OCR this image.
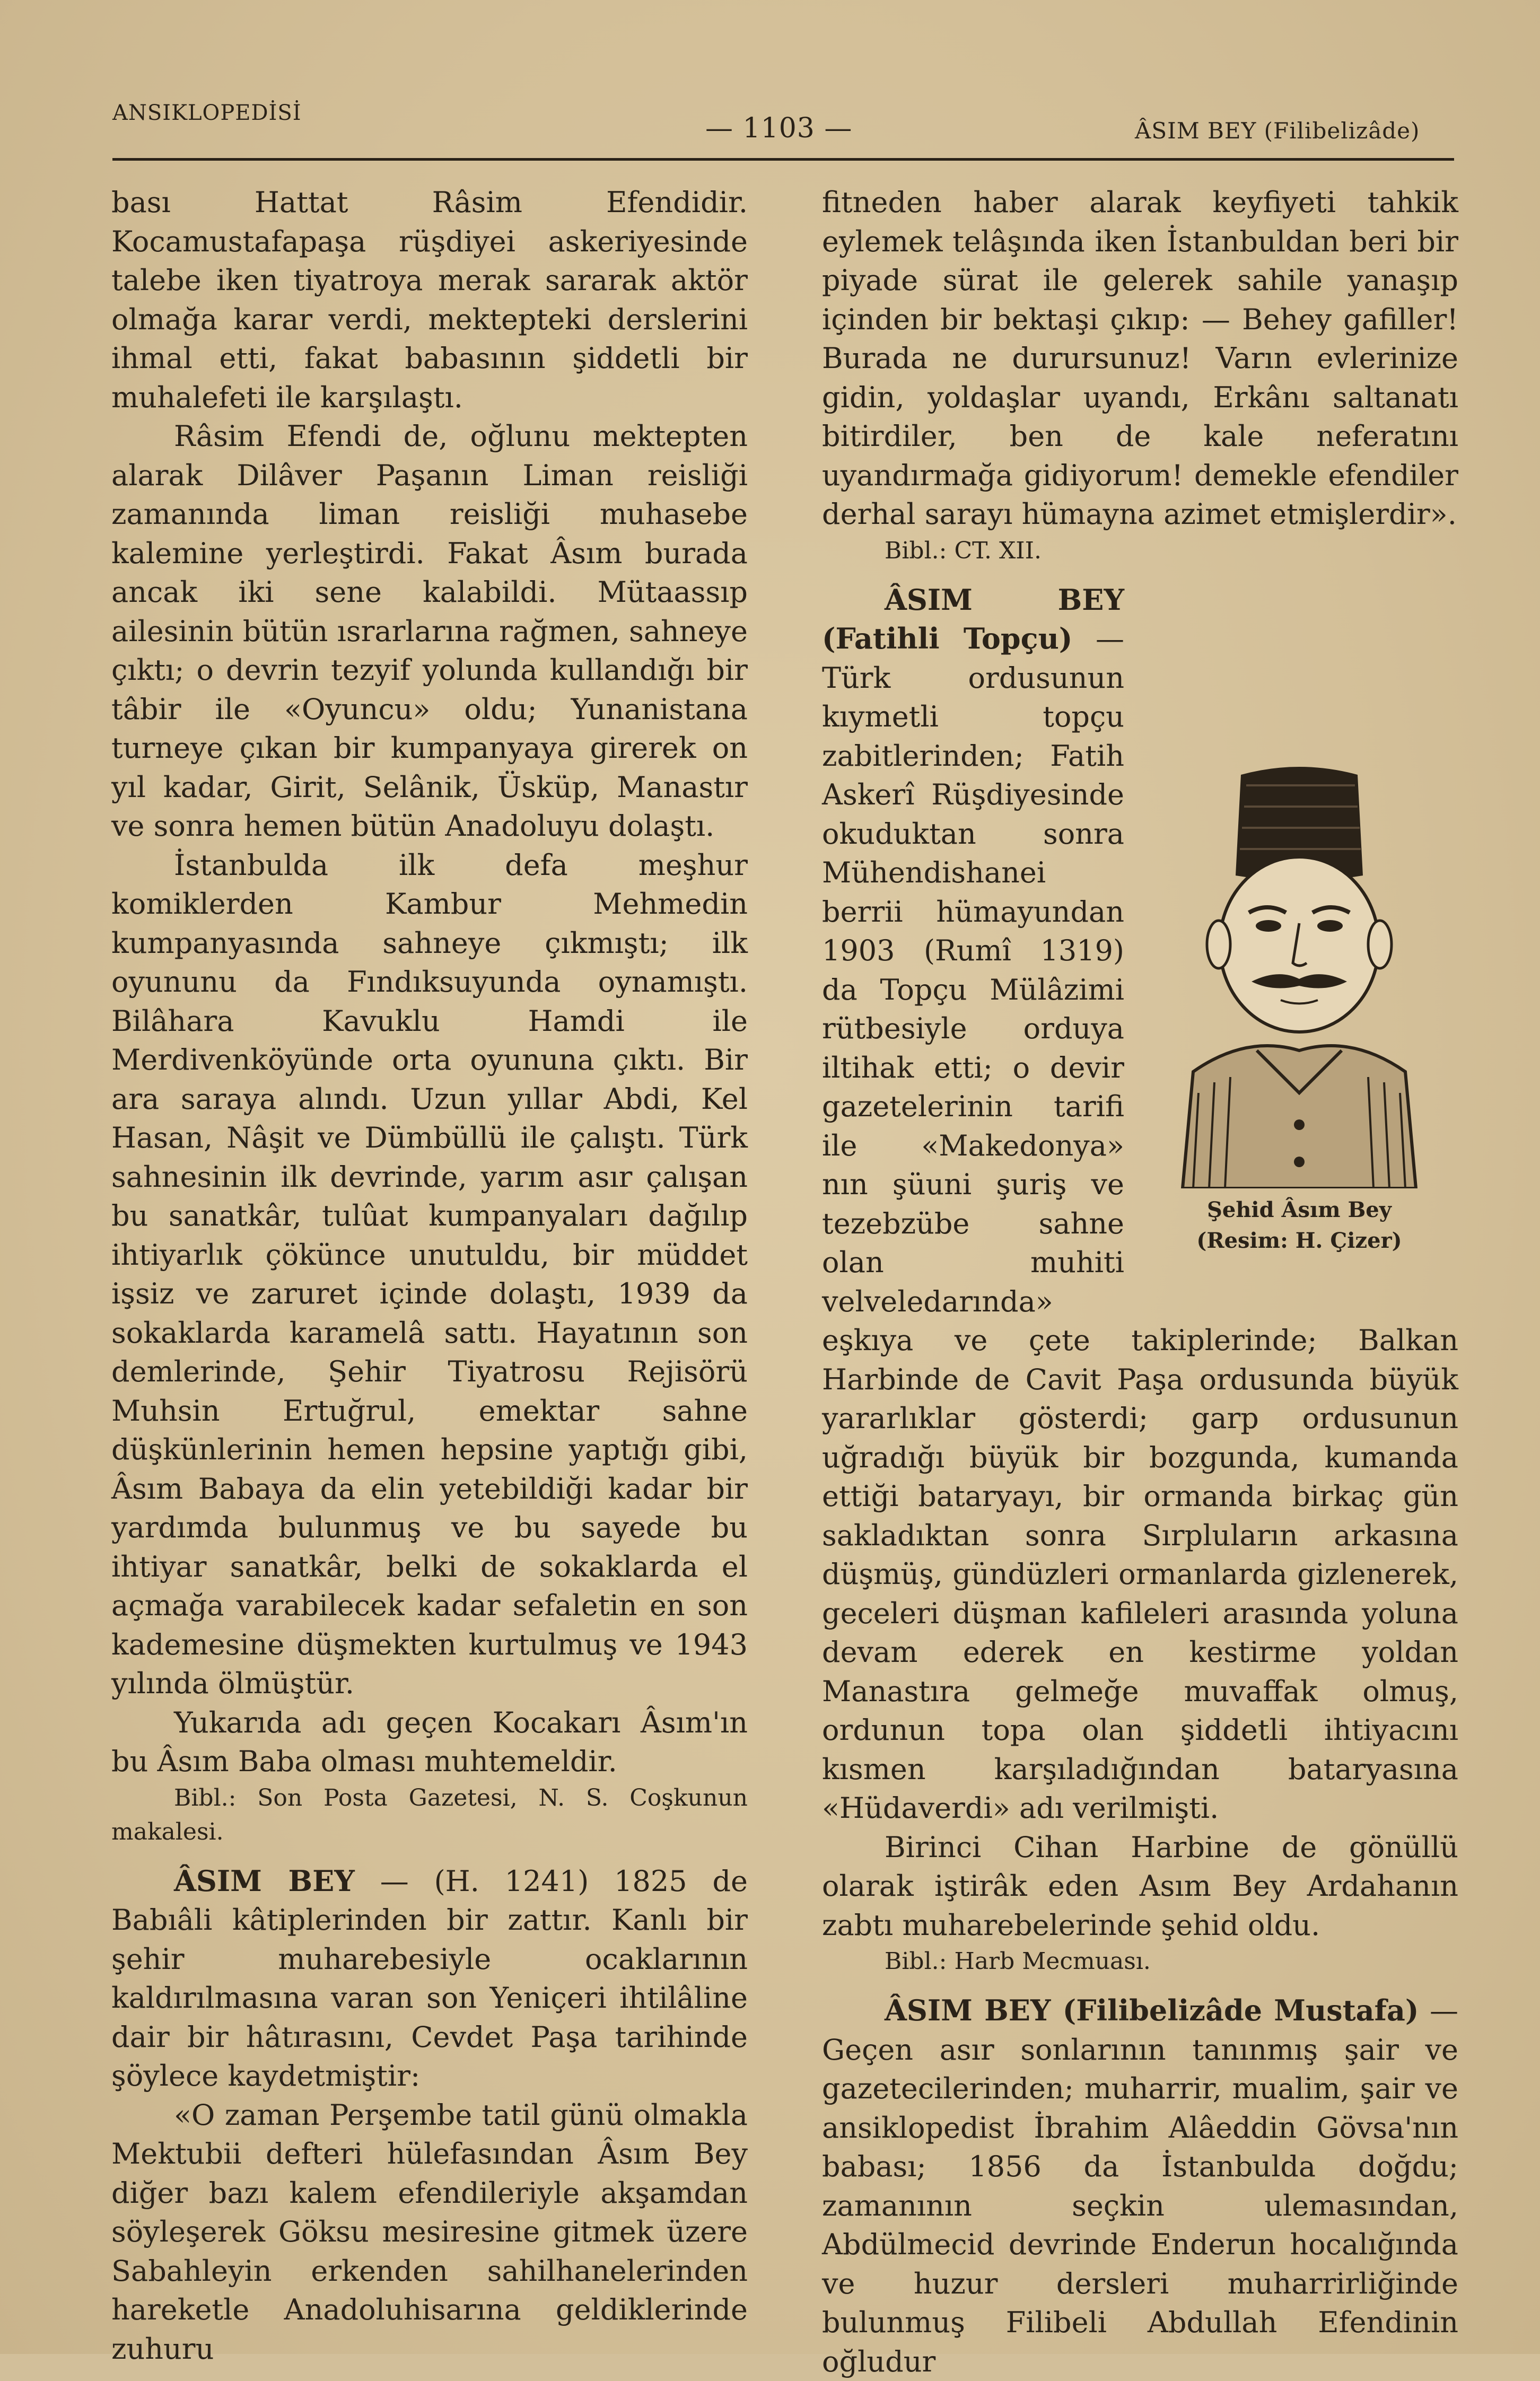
ANSIKLOPEDİSİ	— 1103 —	ÂSIM BEY (Filibelizâde)

bası Hattat Râsim Efendidir. Kocamustafapaşa rüşdiyei askeriyesinde talebe iken tiyatroya merak sararak aktör olmağa karar verdi, mektepteki derslerini ihmal etti, fakat babasının şiddetli bir muhalefeti ile karşılaştı.

Râsim Efendi de, oğlunu mektepten alarak Dilâver Paşanın Liman reisliği zamanında liman reisliği muhasebe kalemine yerleştirdi. Fakat Âsım burada ancak iki sene kalabildi. Mütaassıp ailesinin bütün ısrarlarına rağmen, sahneye çıktı; o devrin tezyif yolunda kullandığı bir tâbir ile «Oyuncu» oldu; Yunanistana turneye çıkan bir kumpanyaya girerek on yıl kadar, Girit, Selânik, Üsküp, Manastır ve sonra hemen bütün Anadoluyu dolaştı.

İstanbulda ilk defa meşhur komiklerden Kambur Mehmedin kumpanyasında sahneye çıkmıştı; ilk oyununu da Fındıksuyunda oynamıştı. Bilâhara Kavuklu Hamdi ile Merdivenköyünde orta oyununa çıktı. Bir ara saraya alındı. Uzun yıllar Abdi, Kel Hasan, Nâşit ve Dümbüllü ile çalıştı. Türk sahnesinin ilk devrinde, yarım asır çalışan bu sanatkâr, tulûat kumpanyaları dağılıp ihtiyarlık çökünce unutuldu, bir müddet işsiz ve zaruret içinde dolaştı, 1939 da sokaklarda karamelâ sattı. Hayatının son demlerinde, Şehir Tiyatrosu Rejisörü Muhsin Ertuğrul, emektar sahne düşkünlerinin hemen hepsine yaptığı gibi, Âsım Babaya da elin yetebildiği kadar bir yardımda bulunmuş ve bu sayede bu ihtiyar sanatkâr, belki de sokaklarda el açmağa varabilecek kadar sefaletin en son kademesine düşmekten kurtulmuş ve 1943 yılında ölmüştür.

Yukarıda adı geçen Kocakarı Âsım'ın bu Âsım Baba olması muhtemeldir.

Bibl.: Son Posta Gazetesi, N. S. Coşkunun makalesi.

ÂSIM BEY — (H. 1241) 1825 de Babıâli kâtiplerinden bir zattır. Kanlı bir şehir muharebesiyle ocaklarının kaldırılmasına varan son Yeniçeri ihtilâline dair bir hâtırasını, Cevdet Paşa tarihinde şöylece kaydetmiştir:

«O zaman Perşembe tatil günü olmakla Mektubii defteri hülefasından Âsım Bey diğer bazı kalem efendileriyle akşamdan söyleşerek Göksu mesiresine gitmek üzere Sabahleyin erkenden sahilhanelerinden hareketle Anadoluhisarına geldiklerinde zuhuru

fitneden haber alarak keyfiyeti tahkik eylemek telâşında iken İstanbuldan beri bir piyade sürat ile gelerek sahile yanaşıp içinden bir bektaşi çıkıp: — Behey gafiller! Burada ne durursunuz! Varın evlerinize gidin, yoldaşlar uyandı, Erkânı saltanatı bitirdiler, ben de kale neferatını uyandırmağa gidiyorum! demekle efendiler derhal sarayı hümayna azimet etmişlerdir».

Bibl.: CT. XII.

Şehid Âsım Bey
(Resim: H. Çizer)

ÂSIM BEY (Fatihli Topçu) — Türk ordusunun kıymetli topçu zabitlerinden; Fatih Askerî Rüşdiyesinde okuduktan sonra Mühendishanei berrii hümayundan 1903 (Rumî 1319) da Topçu Mülâzimi rütbesiyle orduya iltihak etti; o devir gazetelerinin tarifi ile «Makedonya» nın şüuni şuriş ve tezebzübe sahne olan muhiti velveledarında» eşkıya ve çete takiplerinde; Balkan Harbinde de Cavit Paşa ordusunda büyük yararlıklar gösterdi; garp ordusunun uğradığı büyük bir bozgunda, kumanda ettiği bataryayı, bir ormanda birkaç gün sakladıktan sonra Sırpluların arkasına düşmüş, gündüzleri ormanlarda gizlenerek, geceleri düşman kafileleri arasında yoluna devam ederek en kestirme yoldan Manastıra gelmeğe muvaffak olmuş, ordunun topa olan şiddetli ihtiyacını kısmen karşıladığından bataryasına «Hüdaverdi» adı verilmişti.

Birinci Cihan Harbine de gönüllü olarak iştirâk eden Asım Bey Ardahanın zabtı muharebelerinde şehid oldu.

Bibl.: Harb Mecmuası.

ÂSIM BEY (Filibelizâde Mustafa) — Geçen asır sonlarının tanınmış şair ve gazetecilerinden; muharrir, mualim, şair ve ansiklopedist İbrahim Alâeddin Gövsa'nın babası; 1856 da İstanbulda doğdu; zamanının seçkin ulemasından, Abdülmecid devrinde Enderun hocalığında ve huzur dersleri muharrirliğinde bulunmuş Filibeli Abdullah Efendinin oğludur
